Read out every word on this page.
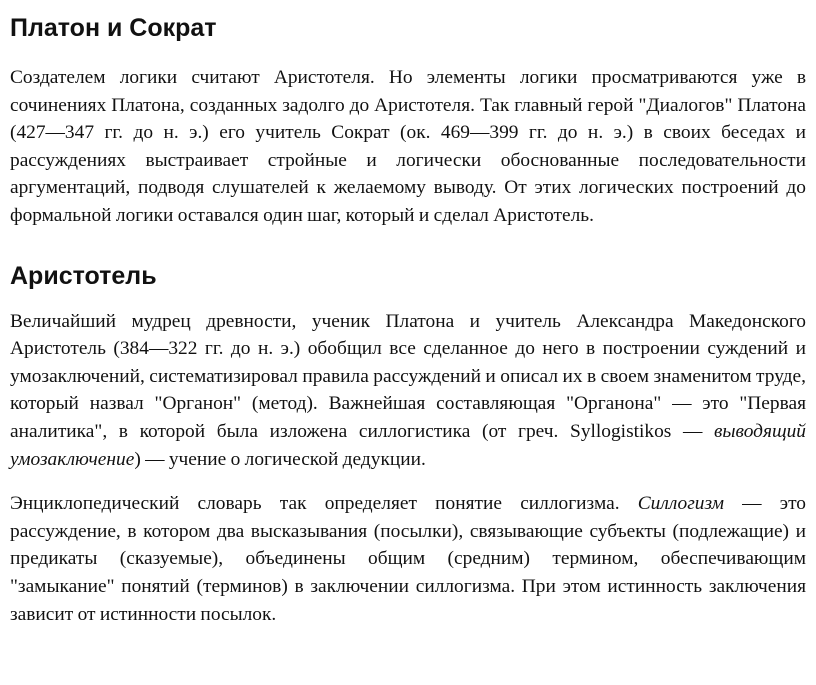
Платон и Сократ

Создателем логики считают Аристотеля. Но элементы логики просматриваются уже в сочинениях Платона, созданных задолго до Аристотеля. Так главный герой "Диалогов" Платона (427—347 гг. до н. э.) его учитель Сократ (ок. 469—399 гг. до н. э.) в своих беседах и рассуждениях выстраивает стройные и логически обоснованные последовательности аргументаций, подводя слушателей к желаемому выводу. От этих логических построений до формальной логики оставался один шаг, который и сделал Аристотель.

Аристотель

Величайший мудрец древности, ученик Платона и учитель Александра Македонского Аристотель (384—322 гг. до н. э.) обобщил все сделанное до него в построении суждений и умозаключений, систематизировал правила рассуждений и описал их в своем знаменитом труде, который назвал "Органон" (метод). Важнейшая составляющая "Органона" — это "Первая аналитика", в которой была изложена силлогистика (от греч. Syllogistikos — выводящий умозаключение) — учение о логической дедукции.

Энциклопедический словарь так определяет понятие силлогизма. Силлогизм — это рассуждение, в котором два высказывания (посылки), связывающие субъекты (подлежащие) и предикаты (сказуемые), объединены общим (средним) термином, обеспечивающим "замыкание" понятий (терминов) в заключении силлогизма. При этом истинность заключения зависит от истинности посылок.
